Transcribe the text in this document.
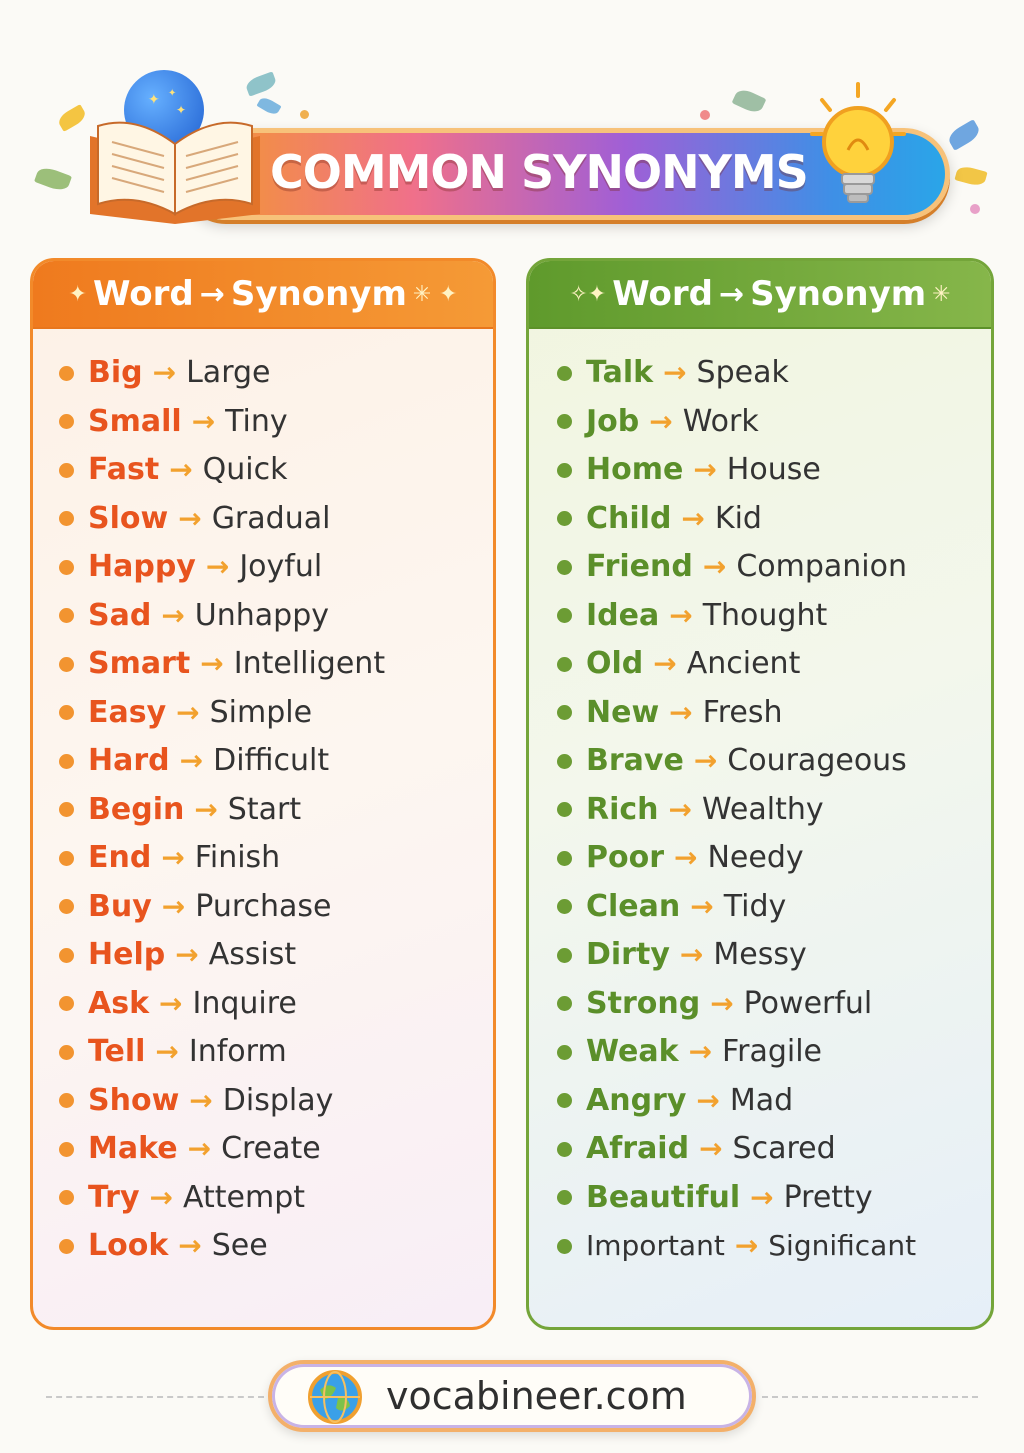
✦ ✦
✦
COMMON SYNONYMS
✦ Word → Synonym ✳ ✦
Big → Large
Small → Tiny
Fast → Quick
Slow → Gradual
Happy → Joyful
Sad → Unhappy
Smart → Intelligent
Easy → Simple
Hard → Difficult
Begin → Start
End → Finish
Buy → Purchase
Help → Assist
Ask → Inquire
Tell → Inform
Show → Display
Make → Create
Try → Attempt
Look → See
✧✦ Word → Synonym ✳
Talk → Speak
Job → Work
Home → House
Child → Kid
Friend → Companion
Idea → Thought
Old → Ancient
New → Fresh
Brave → Courageous
Rich → Wealthy
Poor → Needy
Clean → Tidy
Dirty → Messy
Strong → Powerful
Weak → Fragile
Angry → Mad
Afraid → Scared
Beautiful → Pretty
Important → Significant
vocabineer.com
